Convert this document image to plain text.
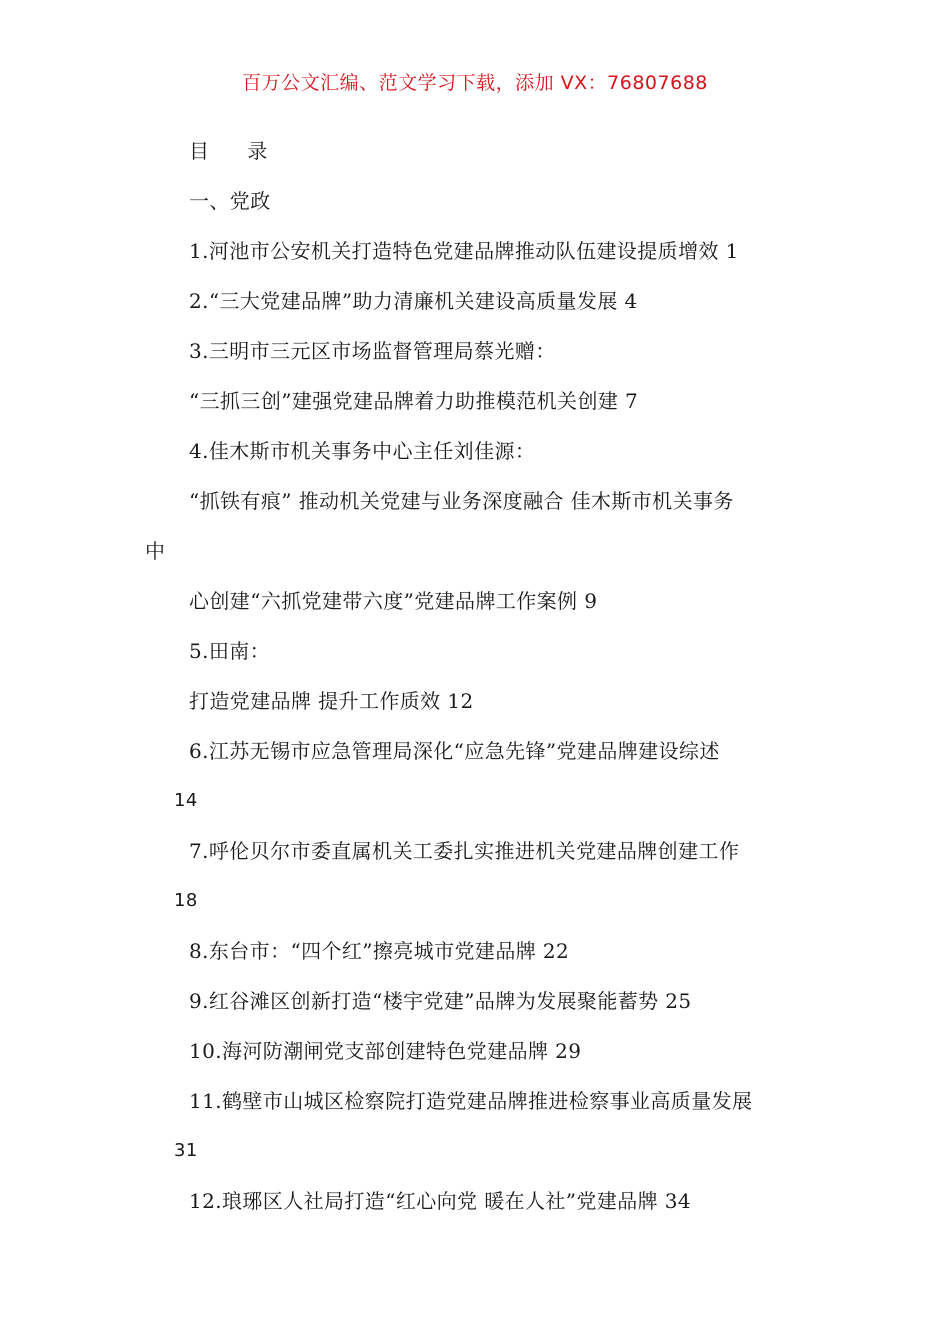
百万公文汇编、范文学习下载，添加 VX：76807688
目 录
一、党政
1.河池市公安机关打造特色党建品牌推动队伍建设提质增效 1
2.“三大党建品牌”助力清廉机关建设高质量发展 4
3.三明市三元区市场监督管理局蔡光赠：
“三抓三创”建强党建品牌着力助推模范机关创建 7
4.佳木斯市机关事务中心主任刘佳源：
“抓铁有痕” 推动机关党建与业务深度融合 佳木斯市机关事务
中
心创建“六抓党建带六度”党建品牌工作案例 9
5.田南：
打造党建品牌 提升工作质效 12
6.江苏无锡市应急管理局深化“应急先锋”党建品牌建设综述
14
7.呼伦贝尔市委直属机关工委扎实推进机关党建品牌创建工作
18
8.东台市：“四个红”擦亮城市党建品牌 22
9.红谷滩区创新打造“楼宇党建”品牌为发展聚能蓄势 25
10.海河防潮闸党支部创建特色党建品牌 29
11.鹤壁市山城区检察院打造党建品牌推进检察事业高质量发展
31
12.琅琊区人社局打造“红心向党 暖在人社”党建品牌 34
